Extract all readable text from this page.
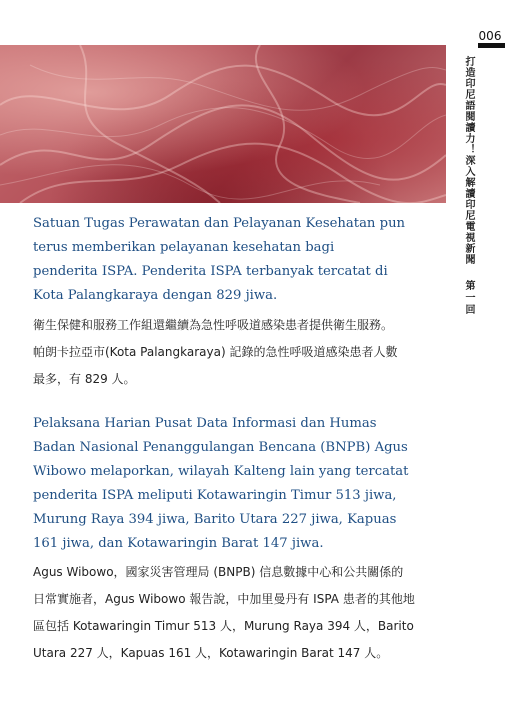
006
打造印尼語閱讀力！深入解讀印尼電視新聞
第一回
Satuan Tugas Perawatan dan Pelayanan Kesehatan pun
terus memberikan pelayanan kesehatan bagi
penderita ISPA. Penderita ISPA terbanyak tercatat di
Kota Palangkaraya dengan 829 jiwa.
衛生保健和服務工作組還繼續為急性呼吸道感染患者提供衛生服務。
帕朗卡拉亞市(Kota Palangkaraya) 記錄的急性呼吸道感染患者人數
最多，有 829 人。
Pelaksana Harian Pusat Data Informasi dan Humas
Badan Nasional Penanggulangan Bencana (BNPB) Agus
Wibowo melaporkan, wilayah Kalteng lain yang tercatat
penderita ISPA meliputi Kotawaringin Timur 513 jiwa,
Murung Raya 394 jiwa, Barito Utara 227 jiwa, Kapuas
161 jiwa, dan Kotawaringin Barat 147 jiwa.
Agus Wibowo，國家災害管理局 (BNPB) 信息數據中心和公共關係的
日常實施者，Agus Wibowo 報告說，中加里曼丹有 ISPA 患者的其他地
區包括 Kotawaringin Timur 513 人，Murung Raya 394 人，Barito
Utara 227 人，Kapuas 161 人，Kotawaringin Barat 147 人。
